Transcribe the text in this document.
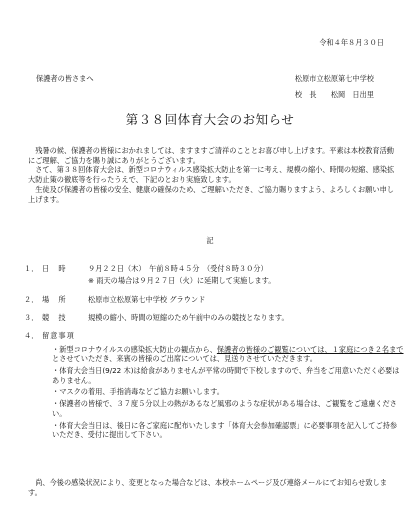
令和４年８月３０日
保護者の皆さまへ	松原市立松原第七中学校
校　長　　松岡　日出里
第３８回体育大会のお知らせ

残暑の候、保護者の皆様におかれましては、ますますご清祥のこととお喜び申し上げます。平素は本校教育活動にご理解、ご協力を賜り誠にありがとうございます。

さて、第３８回体育大会は、新型コロナウィルス感染拡大防止を第一に考え、規模の縮小、時間の短縮、感染拡大防止策の徹底等を行ったうえで、下記のとおり実施致します。

生徒及び保護者の皆様の安全、健康の確保のため、ご理解いただき、ご協力賜りますよう、よろしくお願い申し上げます。

記
１． 日　時	９月２２日（木）　午前８時４５分　（受付８時３０分）
※ 雨天の場合は９月２７日（火）に延期して実施します。
２． 場　所	松原市立松原第七中学校 グラウンド
３． 競　技	規模の縮小、時間の短縮のため午前中のみの競技となります。
４． 留意事項
・新型コロナウイルスの感染拡大防止の観点から、保護者の皆様のご観覧については、１家庭につき２名までとさせていただき、来賓の皆様のご出席については、見送りさせていただきます。
・体育大会当日(9/22 木)は給食がありませんが平常の時間で下校しますので、弁当をご用意いただく必要はありません。
・マスクの着用、手指消毒などご協力お願いします。
・保護者の皆様で、３７度５分以上の熱があるなど風邪のような症状がある場合は、ご観覧をご遠慮ください。
・体育大会当日は、後日に各ご家庭に配布いたします「体育大会参加確認票」に必要事項を記入してご持参いただき、受付に提出して下さい。

尚、今後の感染状況により、変更となった場合などは、本校ホームページ及び連絡メールにてお知らせ致します。
